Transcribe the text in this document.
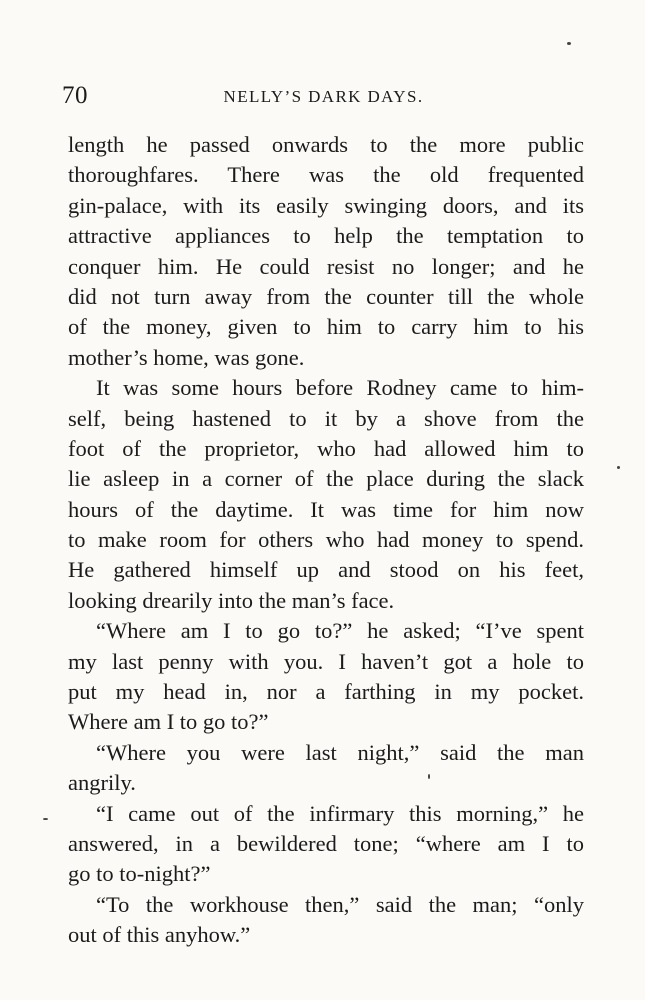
70	NELLY’S DARK DAYS.
length he passed onwards to the more public
thoroughfares. There was the old frequented
gin-palace, with its easily swinging doors, and its
attractive appliances to help the temptation to
conquer him. He could resist no longer; and he
did not turn away from the counter till the whole
of the money, given to him to carry him to his
mother’s home, was gone.
It was some hours before Rodney came to him-
self, being hastened to it by a shove from the
foot of the proprietor, who had allowed him to
lie asleep in a corner of the place during the slack
hours of the daytime. It was time for him now
to make room for others who had money to spend.
He gathered himself up and stood on his feet,
looking drearily into the man’s face.
“Where am I to go to?” he asked; “I’ve spent
my last penny with you. I haven’t got a hole to
put my head in, nor a farthing in my pocket.
Where am I to go to?”
“Where you were last night,” said the man
angrily.
“I came out of the infirmary this morning,” he
answered, in a bewildered tone; “where am I to
go to to-night?”
“To the workhouse then,” said the man; “only
out of this anyhow.”
